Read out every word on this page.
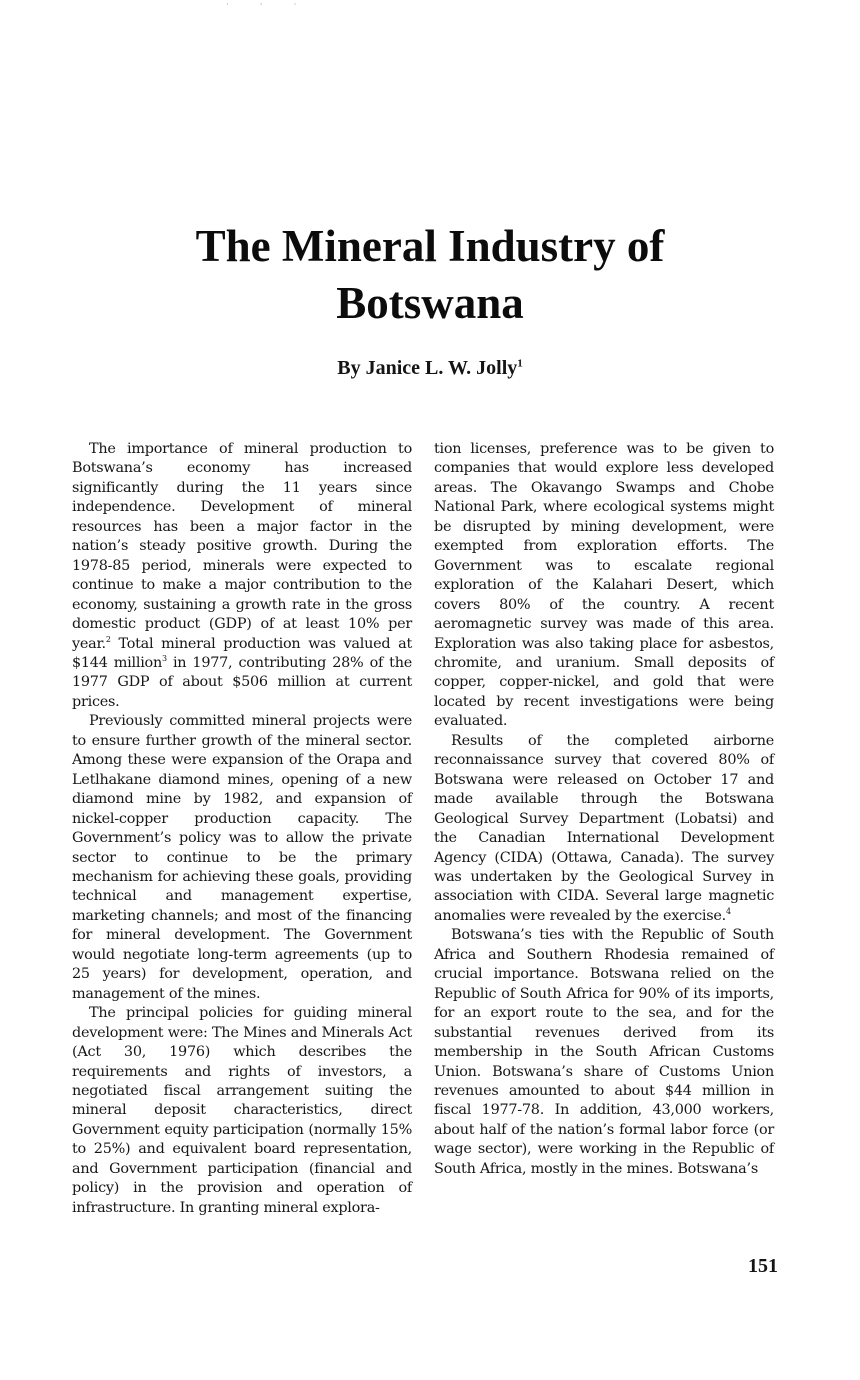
· · ·
The Mineral Industry of Botswana
By Janice L. W. Jolly$^1$

The importance of mineral production to Botswana’s economy has increased significantly during the 11 years since independence. Development of mineral resources has been a major factor in the nation’s steady positive growth. During the 1978-85 period, minerals were expected to continue to make a major contribution to the economy, sustaining a growth rate in the gross domestic product (GDP) of at least 10% per year.$^2$ Total mineral production was valued at $144 million$^3$ in 1977, contributing 28% of the 1977 GDP of about $506 million at current prices.

Previously committed mineral projects were to ensure further growth of the mineral sector. Among these were expansion of the Orapa and Letlhakane diamond mines, opening of a new diamond mine by 1982, and expansion of nickel-copper production capacity. The Government’s policy was to allow the private sector to continue to be the primary mechanism for achieving these goals, providing technical and management expertise, marketing channels; and most of the financing for mineral development. The Government would negotiate long-term agreements (up to 25 years) for development, operation, and management of the mines.

The principal policies for guiding mineral development were: The Mines and Minerals Act (Act 30, 1976) which describes the requirements and rights of investors, a negotiated fiscal arrangement suiting the mineral deposit characteristics, direct Government equity participation (normally 15% to 25%) and equivalent board representation, and Government participation (financial and policy) in the provision and operation of infrastructure. In granting mineral explora-

tion licenses, preference was to be given to companies that would explore less developed areas. The Okavango Swamps and Chobe National Park, where ecological systems might be disrupted by mining development, were exempted from exploration efforts. The Government was to escalate regional exploration of the Kalahari Desert, which covers 80% of the country. A recent aeromagnetic survey was made of this area. Exploration was also taking place for asbestos, chromite, and uranium. Small deposits of copper, copper-nickel, and gold that were located by recent investigations were being evaluated.

Results of the completed airborne reconnaissance survey that covered 80% of Botswana were released on October 17 and made available through the Botswana Geological Survey Department (Lobatsi) and the Canadian International Development Agency (CIDA) (Ottawa, Canada). The survey was undertaken by the Geological Survey in association with CIDA. Several large magnetic anomalies were revealed by the exercise.$^4$

Botswana’s ties with the Republic of South Africa and Southern Rhodesia remained of crucial importance. Botswana relied on the Republic of South Africa for 90% of its imports, for an export route to the sea, and for the substantial revenues derived from its membership in the South African Customs Union. Botswana’s share of Customs Union revenues amounted to about $44 million in fiscal 1977-78. In addition, 43,000 workers, about half of the nation’s formal labor force (or wage sector), were working in the Republic of South Africa, mostly in the mines. Botswana’s

151
